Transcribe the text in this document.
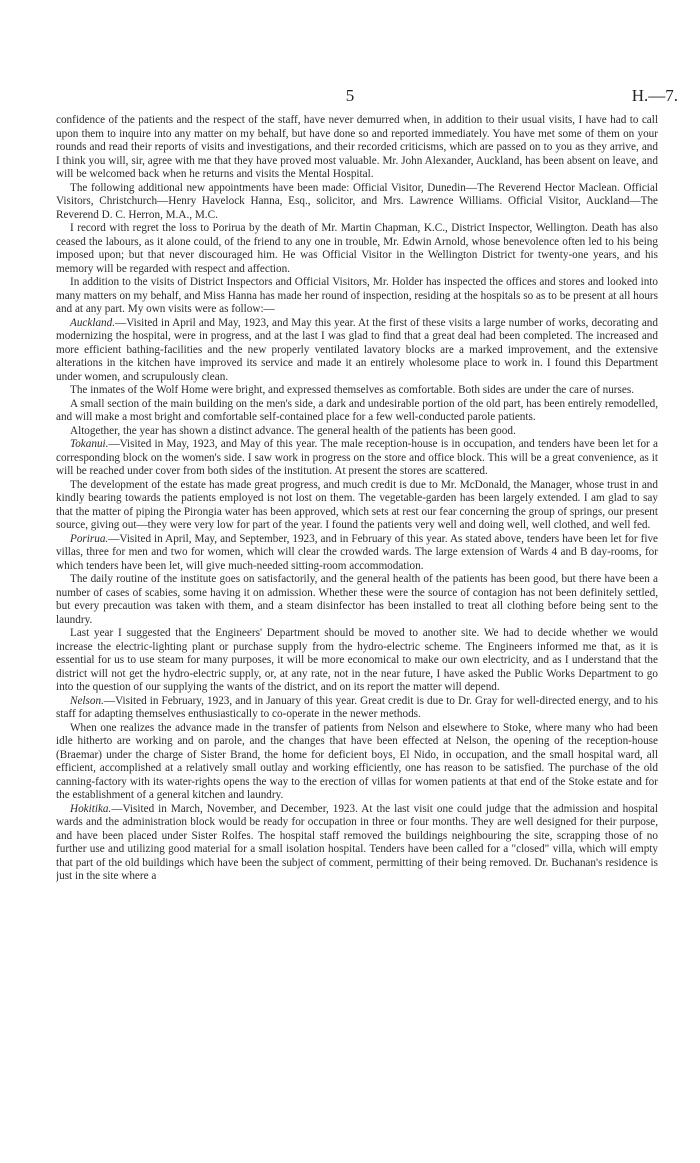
5	H.—7.

confidence of the patients and the respect of the staff, have never demurred when, in addition to their usual visits, I have had to call upon them to inquire into any matter on my behalf, but have done so and reported immediately. You have met some of them on your rounds and read their reports of visits and investigations, and their recorded criticisms, which are passed on to you as they arrive, and I think you will, sir, agree with me that they have proved most valuable. Mr. John Alexander, Auckland, has been absent on leave, and will be welcomed back when he returns and visits the Mental Hospital.

The following additional new appointments have been made: Official Visitor, Dunedin—The Reverend Hector Maclean. Official Visitors, Christchurch—Henry Havelock Hanna, Esq., solicitor, and Mrs. Lawrence Williams. Official Visitor, Auckland—The Reverend D. C. Herron, M.A., M.C.

I record with regret the loss to Porirua by the death of Mr. Martin Chapman, K.C., District Inspector, Wellington. Death has also ceased the labours, as it alone could, of the friend to any one in trouble, Mr. Edwin Arnold, whose benevolence often led to his being imposed upon; but that never discouraged him. He was Official Visitor in the Wellington District for twenty-one years, and his memory will be regarded with respect and affection.

In addition to the visits of District Inspectors and Official Visitors, Mr. Holder has inspected the offices and stores and looked into many matters on my behalf, and Miss Hanna has made her round of inspection, residing at the hospitals so as to be present at all hours and at any part. My own visits were as follow:—

Auckland.—Visited in April and May, 1923, and May this year. At the first of these visits a large number of works, decorating and modernizing the hospital, were in progress, and at the last I was glad to find that a great deal had been completed. The increased and more efficient bathing-facilities and the new properly ventilated lavatory blocks are a marked improvement, and the extensive alterations in the kitchen have improved its service and made it an entirely wholesome place to work in. I found this Department under women, and scrupulously clean.

The inmates of the Wolf Home were bright, and expressed themselves as comfortable. Both sides are under the care of nurses.

A small section of the main building on the men's side, a dark and undesirable portion of the old part, has been entirely remodelled, and will make a most bright and comfortable self-contained place for a few well-conducted parole patients.

Altogether, the year has shown a distinct advance. The general health of the patients has been good.

Tokanui.—Visited in May, 1923, and May of this year. The male reception-house is in occupation, and tenders have been let for a corresponding block on the women's side. I saw work in progress on the store and office block. This will be a great convenience, as it will be reached under cover from both sides of the institution. At present the stores are scattered.

The development of the estate has made great progress, and much credit is due to Mr. McDonald, the Manager, whose trust in and kindly bearing towards the patients employed is not lost on them. The vegetable-garden has been largely extended. I am glad to say that the matter of piping the Pirongia water has been approved, which sets at rest our fear concerning the group of springs, our present source, giving out—they were very low for part of the year. I found the patients very well and doing well, well clothed, and well fed.

Porirua.—Visited in April, May, and September, 1923, and in February of this year. As stated above, tenders have been let for five villas, three for men and two for women, which will clear the crowded wards. The large extension of Wards 4 and B day-rooms, for which tenders have been let, will give much-needed sitting-room accommodation.

The daily routine of the institute goes on satisfactorily, and the general health of the patients has been good, but there have been a number of cases of scabies, some having it on admission. Whether these were the source of contagion has not been definitely settled, but every precaution was taken with them, and a steam disinfector has been installed to treat all clothing before being sent to the laundry.

Last year I suggested that the Engineers' Department should be moved to another site. We had to decide whether we would increase the electric-lighting plant or purchase supply from the hydro-electric scheme. The Engineers informed me that, as it is essential for us to use steam for many purposes, it will be more economical to make our own electricity, and as I understand that the district will not get the hydro-electric supply, or, at any rate, not in the near future, I have asked the Public Works Department to go into the question of our supplying the wants of the district, and on its report the matter will depend.

Nelson.—Visited in February, 1923, and in January of this year. Great credit is due to Dr. Gray for well-directed energy, and to his staff for adapting themselves enthusiastically to co-operate in the newer methods.

When one realizes the advance made in the transfer of patients from Nelson and elsewhere to Stoke, where many who had been idle hitherto are working and on parole, and the changes that have been effected at Nelson, the opening of the reception-house (Braemar) under the charge of Sister Brand, the home for deficient boys, El Nido, in occupation, and the small hospital ward, all efficient, accomplished at a relatively small outlay and working efficiently, one has reason to be satisfied. The purchase of the old canning-factory with its water-rights opens the way to the erection of villas for women patients at that end of the Stoke estate and for the establishment of a general kitchen and laundry.

Hokitika.—Visited in March, November, and December, 1923. At the last visit one could judge that the admission and hospital wards and the administration block would be ready for occupation in three or four months. They are well designed for their purpose, and have been placed under Sister Rolfes. The hospital staff removed the buildings neighbouring the site, scrapping those of no further use and utilizing good material for a small isolation hospital. Tenders have been called for a "closed" villa, which will empty that part of the old buildings which have been the subject of comment, permitting of their being removed. Dr. Buchanan's residence is just in the site where a
